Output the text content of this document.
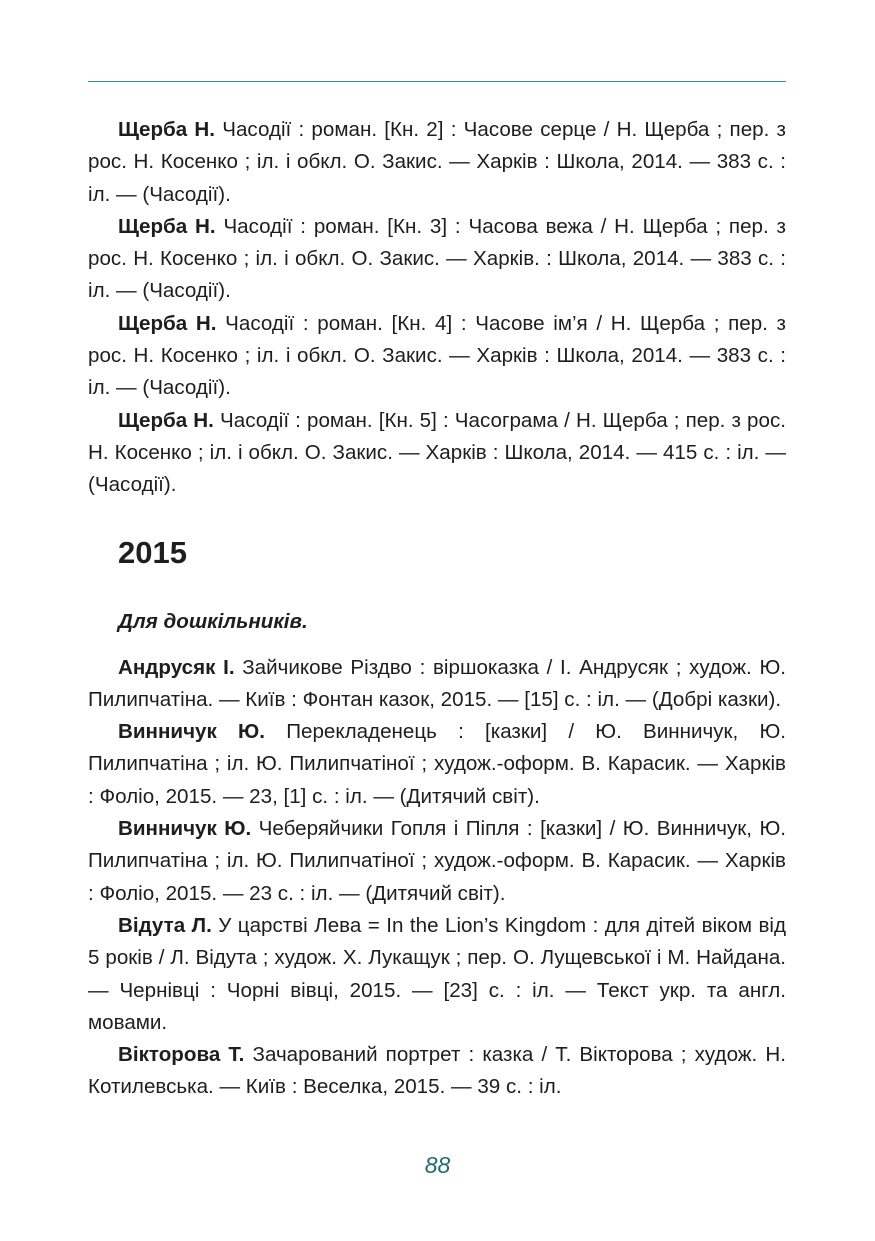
Щерба Н. Часодії : роман. [Кн. 2] : Часове серце / Н. Щерба ; пер. з рос. Н. Косенко ; іл. і обкл. О. Закис. — Харків : Школа, 2014. — 383 с. : іл. — (Часодії).

Щерба Н. Часодії : роман. [Кн. 3] : Часова вежа / Н. Щерба ; пер. з рос. Н. Косенко ; іл. і обкл. О. Закис. — Харків. : Школа, 2014. — 383 с. : іл. — (Часодії).

Щерба Н. Часодії : роман. [Кн. 4] : Часове ім’я / Н. Щерба ; пер. з рос. Н. Косенко ; іл. і обкл. О. Закис. — Харків : Школа, 2014. — 383 с. : іл. — (Часодії).

Щерба Н. Часодії : роман. [Кн. 5] : Часограма / Н. Щерба ; пер. з рос. Н. Косенко ; іл. і обкл. О. Закис. — Харків : Школа, 2014. — 415 с. : іл. — (Часодії).

2015

Для дошкільників.

Андрусяк І. Зайчикове Різдво : віршоказка / І. Андрусяк ; худож. Ю. Пилипчатіна. — Київ : Фонтан казок, 2015. — [15] с. : іл. — (Добрі казки).

Винничук Ю. Перекладенець : [казки] / Ю. Винничук, Ю. Пилипчатіна ; іл. Ю. Пилипчатіної ; худож.-оформ. В. Карасик. — Харків : Фоліо, 2015. — 23, [1] с. : іл. — (Дитячий світ).

Винничук Ю. Чеберяйчики Гопля і Піпля : [казки] / Ю. Винничук, Ю. Пилипчатіна ; іл. Ю. Пилипчатіної ; худож.-оформ. В. Карасик. — Харків : Фоліо, 2015. — 23 с. : іл. — (Дитячий світ).

Відута Л. У царстві Лева = In the Lion’s Kingdom : для дітей віком від 5 років / Л. Відута ; худож. Х. Лукащук ; пер. О. Лущевської і М. Найдана. — Чернівці : Чорні вівці, 2015. — [23] с. : іл. — Текст укр. та англ. мовами.

Вікторова Т. Зачарований портрет : казка / Т. Вікторова ; худож. Н. Котилевська. — Київ : Веселка, 2015. — 39 с. : іл.

88
